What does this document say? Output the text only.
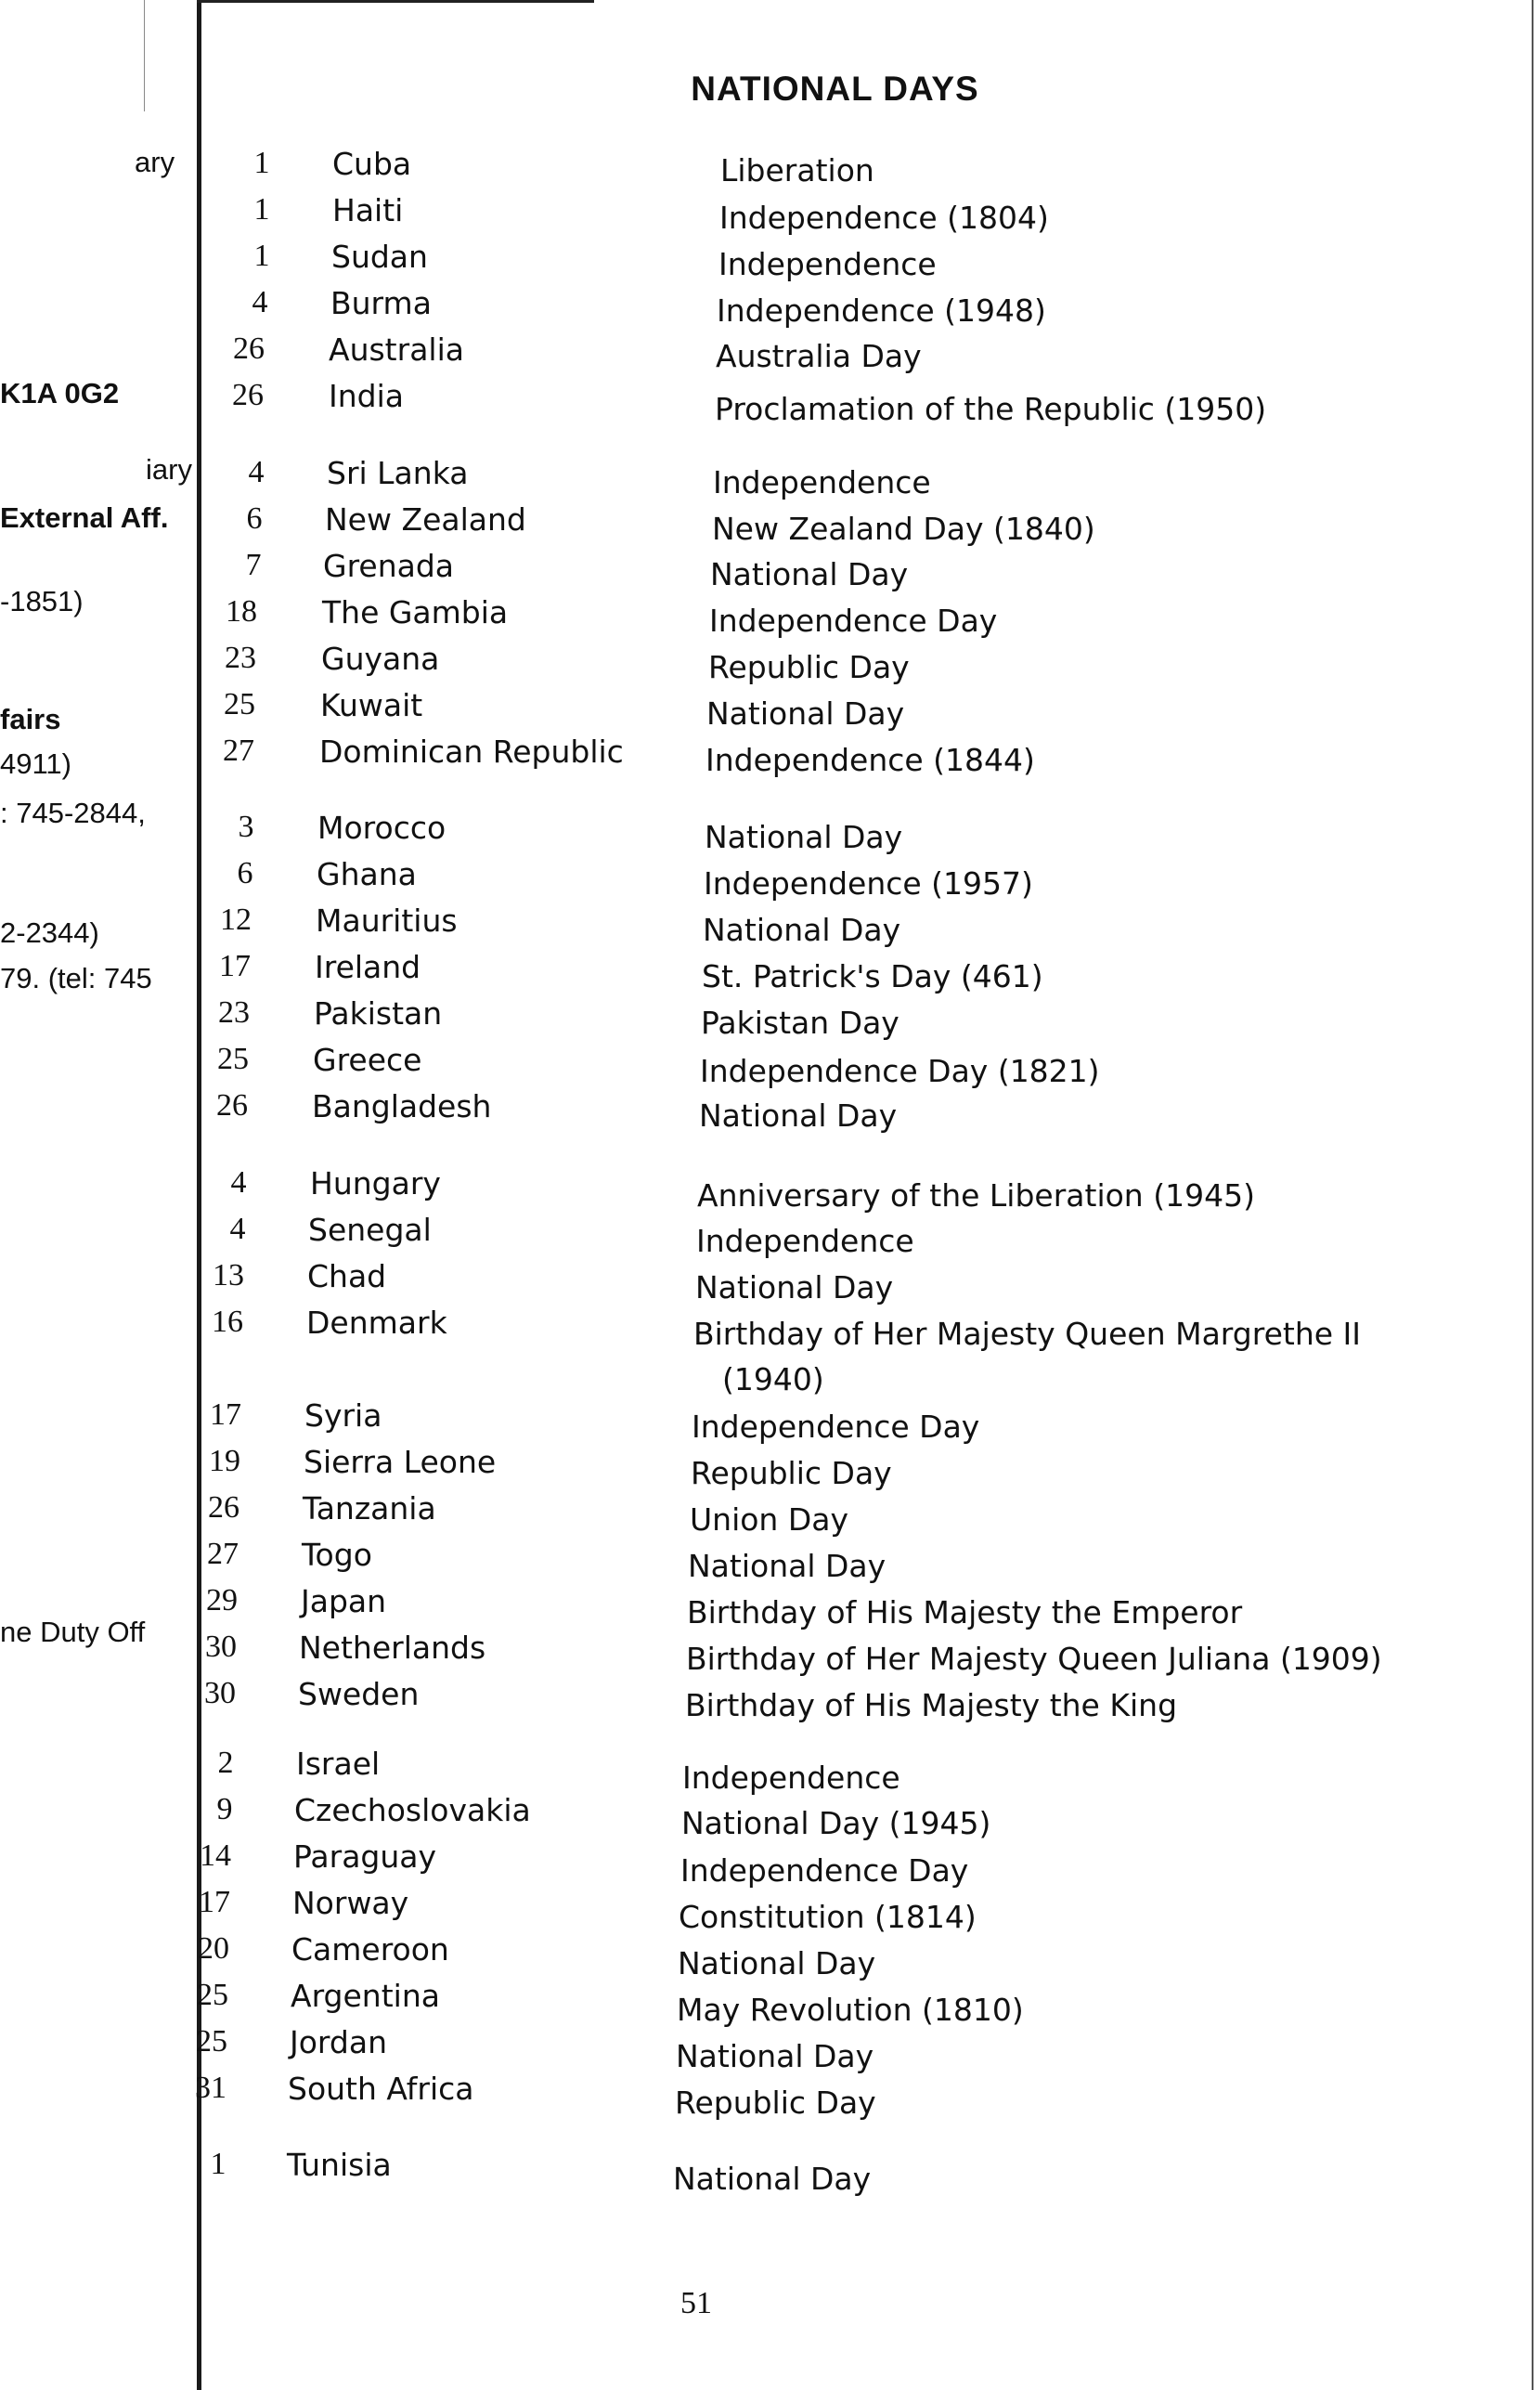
NATIONAL DAYS
ary
K1A 0G2
iary
External Aff.
-1851)
fairs
4911)
: 745-2844,
2-2344)
79. (tel: 745
ne Duty Off
1	Cuba	Liberation
1	Haiti	Independence (1804)
1	Sudan	Independence
4	Burma	Independence (1948)
26	Australia	Australia Day
26	India	Proclamation of the Republic (1950)
4	Sri Lanka	Independence
6	New Zealand	New Zealand Day (1840)
7	Grenada	National Day
18	The Gambia	Independence Day
23	Guyana	Republic Day
25	Kuwait	National Day
27	Dominican Republic	Independence (1844)
3	Morocco	National Day
6	Ghana	Independence (1957)
12	Mauritius	National Day
17	Ireland	St. Patrick's Day (461)
23	Pakistan	Pakistan Day
25	Greece	Independence Day (1821)
26	Bangladesh	National Day
4	Hungary	Anniversary of the Liberation (1945)
4	Senegal	Independence
13	Chad	National Day
16	Denmark	Birthday of Her Majesty Queen Margrethe II
(1940)
17	Syria	Independence Day
19	Sierra Leone	Republic Day
26	Tanzania	Union Day
27	Togo	National Day
29	Japan	Birthday of His Majesty the Emperor
30	Netherlands	Birthday of Her Majesty Queen Juliana (1909)
30	Sweden	Birthday of His Majesty the King
2	Israel	Independence
9	Czechoslovakia	National Day (1945)
14	Paraguay	Independence Day
17	Norway	Constitution (1814)
20	Cameroon	National Day
25	Argentina	May Revolution (1810)
25	Jordan	National Day
31	South Africa	Republic Day
1	Tunisia	National Day
51
